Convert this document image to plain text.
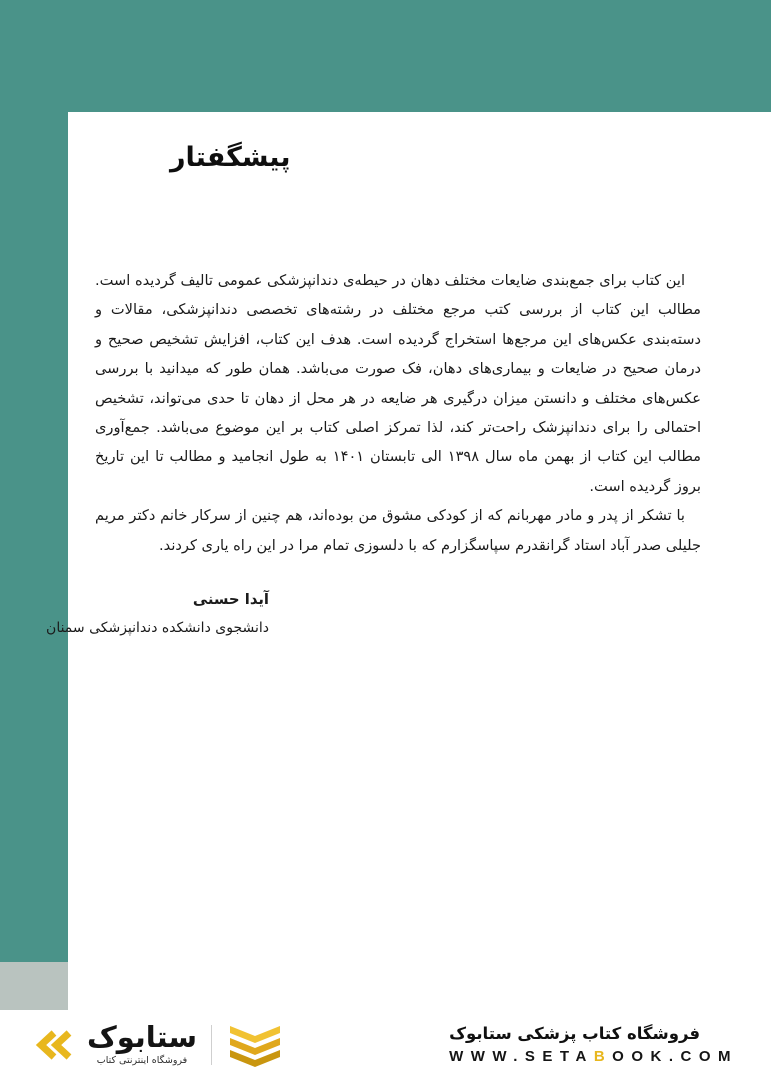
پیشگفتار

این کتاب برای جمع‌بندی ضایعات مختلف دهان در حیطه‌ی دندانپزشکی عمومی تالیف گردیده است. مطالب این کتاب از بررسی کتب مرجع مختلف در رشته‌های تخصصی دندانپزشکی، مقالات و دسته‌بندی عکس‌های این مرجع‌ها استخراج گردیده است. هدف این کتاب، افزایش تشخیص صحیح و درمان صحیح در ضایعات و بیماری‌های دهان، فک صورت می‌باشد. همان طور که میدانید با بررسی عکس‌های مختلف و دانستن میزان درگیری هر ضایعه در هر محل از دهان تا حدی می‌تواند، تشخیص احتمالی را برای دندانپزشک راحت‌تر کند، لذا تمرکز اصلی کتاب بر این موضوع می‌باشد. جمع‌آوری مطالب این کتاب از بهمن ماه سال ۱۳۹۸ الی تابستان ۱۴۰۱ به طول انجامید و مطالب تا این تاریخ بروز گردیده است.

با تشکر از پدر و مادر مهربانم که از کودکی مشوق من بوده‌اند، هم چنین از سرکار خانم دکتر مریم جلیلی صدر آباد استاد گرانقدرم سپاسگزارم که با دلسوزی تمام مرا در این راه یاری کردند.

آیدا حسنی
دانشجوی دانشکده دندانپزشکی سمنان
ستابوک
فروشگاه اینترنتی کتاب
فروشگاه کتاب پزشکی ستابوک
WWW.SETABOOK.COM
